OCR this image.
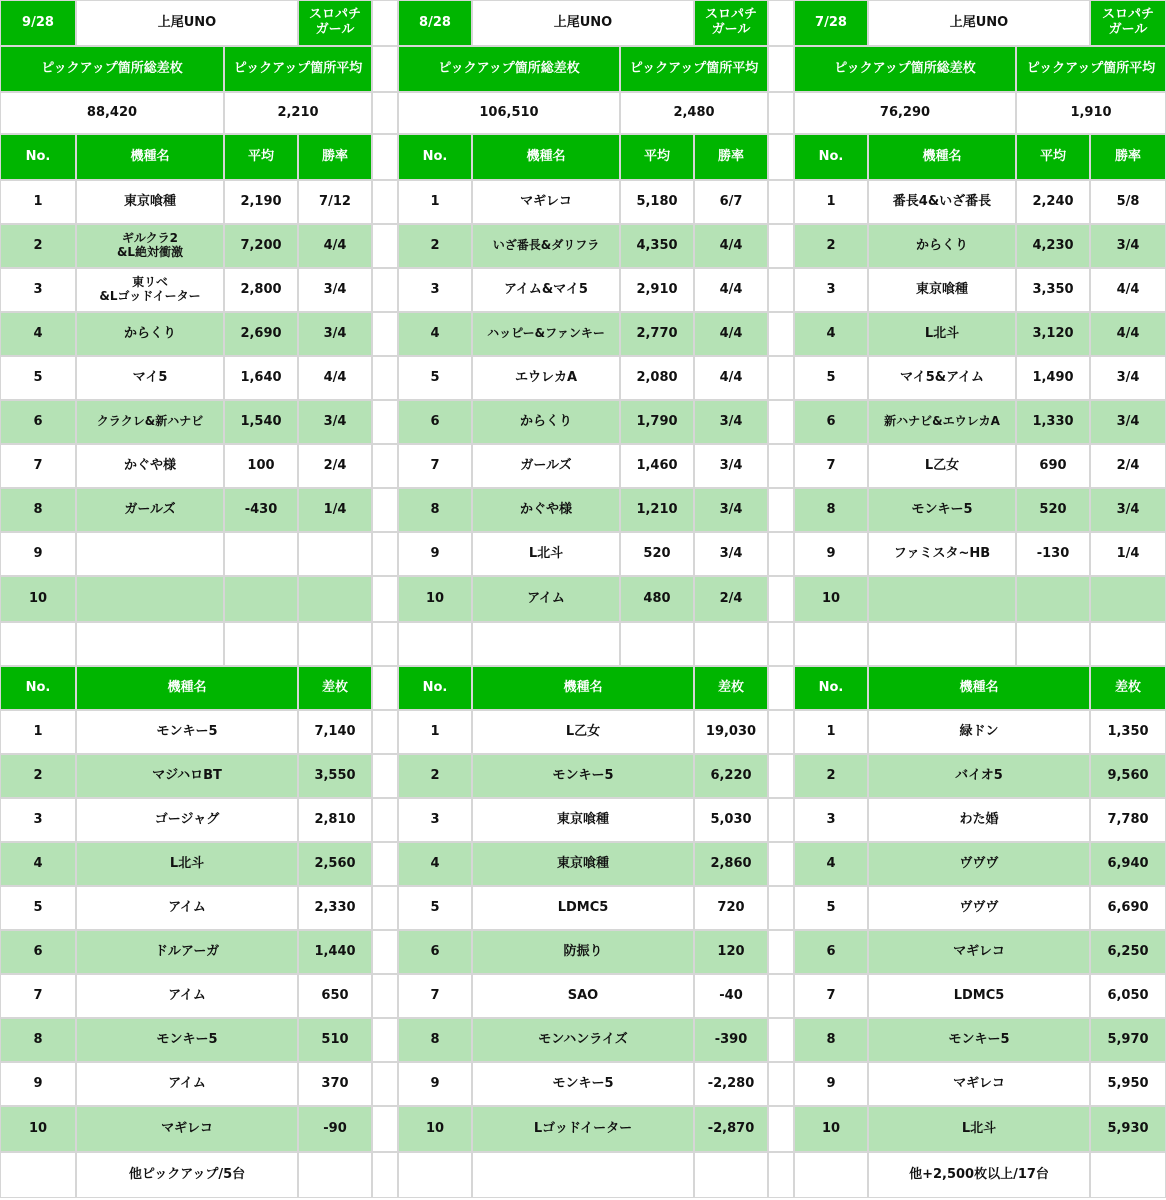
9/28	上尾UNO	スロパチ
ガール
ピックアップ箇所総差枚	ピックアップ箇所平均
88,420	2,210
No.	機種名	平均	勝率
1	東京喰種	2,190	7/12
2	ギルクラ2
&L絶対衝激	7,200	4/4
3	東リベ
&Lゴッドイーター	2,800	3/4
4	からくり	2,690	3/4
5	マイ5	1,640	4/4
6	クラクレ&新ハナビ	1,540	3/4
7	かぐや様	100	2/4
8	ガールズ	-430	1/4
9
10
No.	機種名	差枚
1	モンキー5	7,140
2	マジハロBT	3,550
3	ゴージャグ	2,810
4	L北斗	2,560
5	アイム	2,330
6	ドルアーガ	1,440
7	アイム	650
8	モンキー5	510
9	アイム	370
10	マギレコ	-90
他ピックアップ/5台
8/28	上尾UNO	スロパチ
ガール
ピックアップ箇所総差枚	ピックアップ箇所平均
106,510	2,480
No.	機種名	平均	勝率
1	マギレコ	5,180	6/7
2	いざ番長&ダリフラ	4,350	4/4
3	アイム&マイ5	2,910	4/4
4	ハッピー&ファンキー	2,770	4/4
5	エウレカA	2,080	4/4
6	からくり	1,790	3/4
7	ガールズ	1,460	3/4
8	かぐや様	1,210	3/4
9	L北斗	520	3/4
10	アイム	480	2/4
No.	機種名	差枚
1	L乙女	19,030
2	モンキー5	6,220
3	東京喰種	5,030
4	東京喰種	2,860
5	LDMC5	720
6	防振り	120
7	SAO	-40
8	モンハンライズ	-390
9	モンキー5	-2,280
10	Lゴッドイーター	-2,870
7/28	上尾UNO	スロパチ
ガール
ピックアップ箇所総差枚	ピックアップ箇所平均
76,290	1,910
No.	機種名	平均	勝率
1	番長4&いざ番長	2,240	5/8
2	からくり	4,230	3/4
3	東京喰種	3,350	4/4
4	L北斗	3,120	4/4
5	マイ5&アイム	1,490	3/4
6	新ハナビ&エウレカA	1,330	3/4
7	L乙女	690	2/4
8	モンキー5	520	3/4
9	ファミスタ~HB	-130	1/4
10
No.	機種名	差枚
1	緑ドン	1,350
2	バイオ5	9,560
3	わた婚	7,780
4	ヴヴヴ	6,940
5	ヴヴヴ	6,690
6	マギレコ	6,250
7	LDMC5	6,050
8	モンキー5	5,970
9	マギレコ	5,950
10	L北斗	5,930
他+2,500枚以上/17台
